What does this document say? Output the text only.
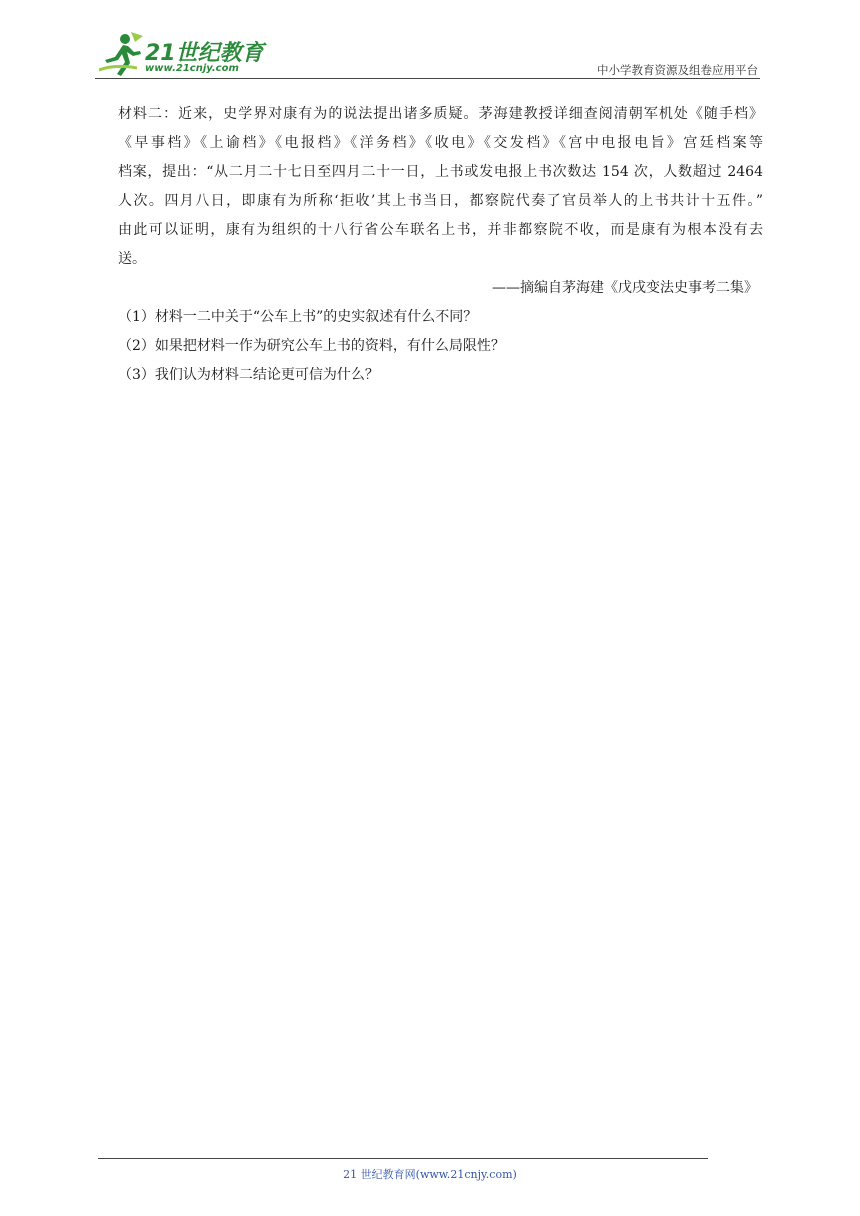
21世纪教育
www.21cnjy.com	中小学教育资源及组卷应用平台
材料二：近来，史学界对康有为的说法提出诸多质疑。茅海建教授详细查阅清朝军机处《随手档》
《早事档》《上谕档》《电报档》《洋务档》《收电》《交发档》《宫中电报电旨》宫廷档案等
档案，提出：“从二月二十七日至四月二十一日，上书或发电报上书次数达 154 次，人数超过 2464
人次。四月八日，即康有为所称‘拒收’其上书当日，都察院代奏了官员举人的上书共计十五件。”
由此可以证明，康有为组织的十八行省公车联名上书，并非都察院不收，而是康有为根本没有去
送。

——摘编自茅海建《戊戌变法史事考二集》

（1）材料一二中关于“公车上书”的史实叙述有什么不同？

（2）如果把材料一作为研究公车上书的资料，有什么局限性？

（3）我们认为材料二结论更可信为什么？

21 世纪教育网(www.21cnjy.com)
